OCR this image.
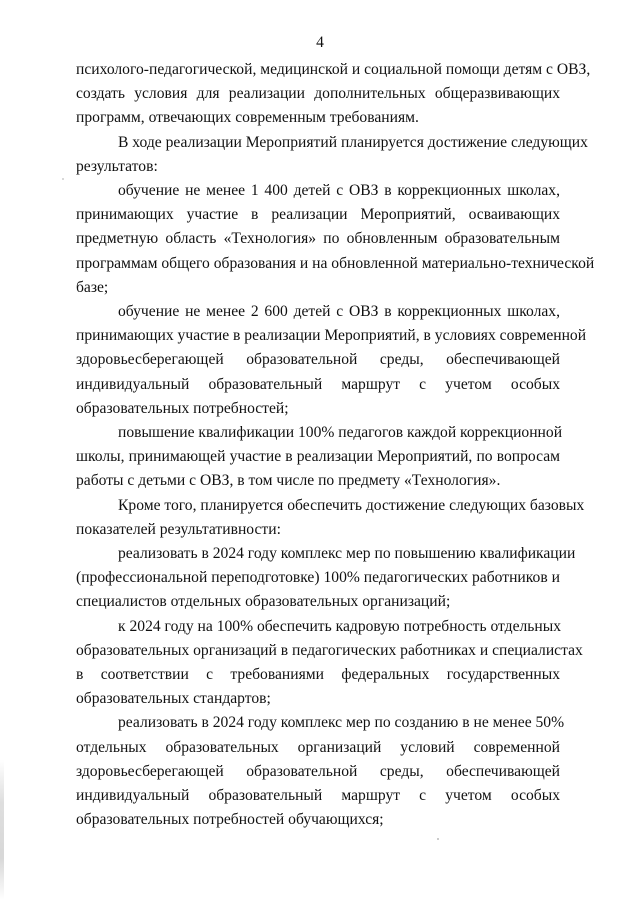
4

психолого-педагогической, медицинской и социальной помощи детям с ОВЗ,
создать условия для реализации дополнительных общеразвивающих
программ, отвечающих современным требованиям.

В ходе реализации Мероприятий планируется достижение следующих
результатов:

обучение не менее 1 400 детей с ОВЗ в коррекционных школах,
принимающих участие в реализации Мероприятий, осваивающих
предметную область «Технология» по обновленным образовательным
программам общего образования и на обновленной материально-технической
базе;

обучение не менее 2 600 детей с ОВЗ в коррекционных школах,
принимающих участие в реализации Мероприятий, в условиях современной
здоровьесберегающей образовательной среды, обеспечивающей
индивидуальный образовательный маршрут с учетом особых
образовательных потребностей;

повышение квалификации 100% педагогов каждой коррекционной
школы, принимающей участие в реализации Мероприятий, по вопросам
работы с детьми с ОВЗ, в том числе по предмету «Технология».

Кроме того, планируется обеспечить достижение следующих базовых
показателей результативности:

реализовать в 2024 году комплекс мер по повышению квалификации
(профессиональной переподготовке) 100% педагогических работников и
специалистов отдельных образовательных организаций;

к 2024 году на 100% обеспечить кадровую потребность отдельных
образовательных организаций в педагогических работниках и специалистах
в соответствии с требованиями федеральных государственных
образовательных стандартов;

реализовать в 2024 году комплекс мер по созданию в не менее 50%
отдельных образовательных организаций условий современной
здоровьесберегающей образовательной среды, обеспечивающей
индивидуальный образовательный маршрут с учетом особых
образовательных потребностей обучающихся;
